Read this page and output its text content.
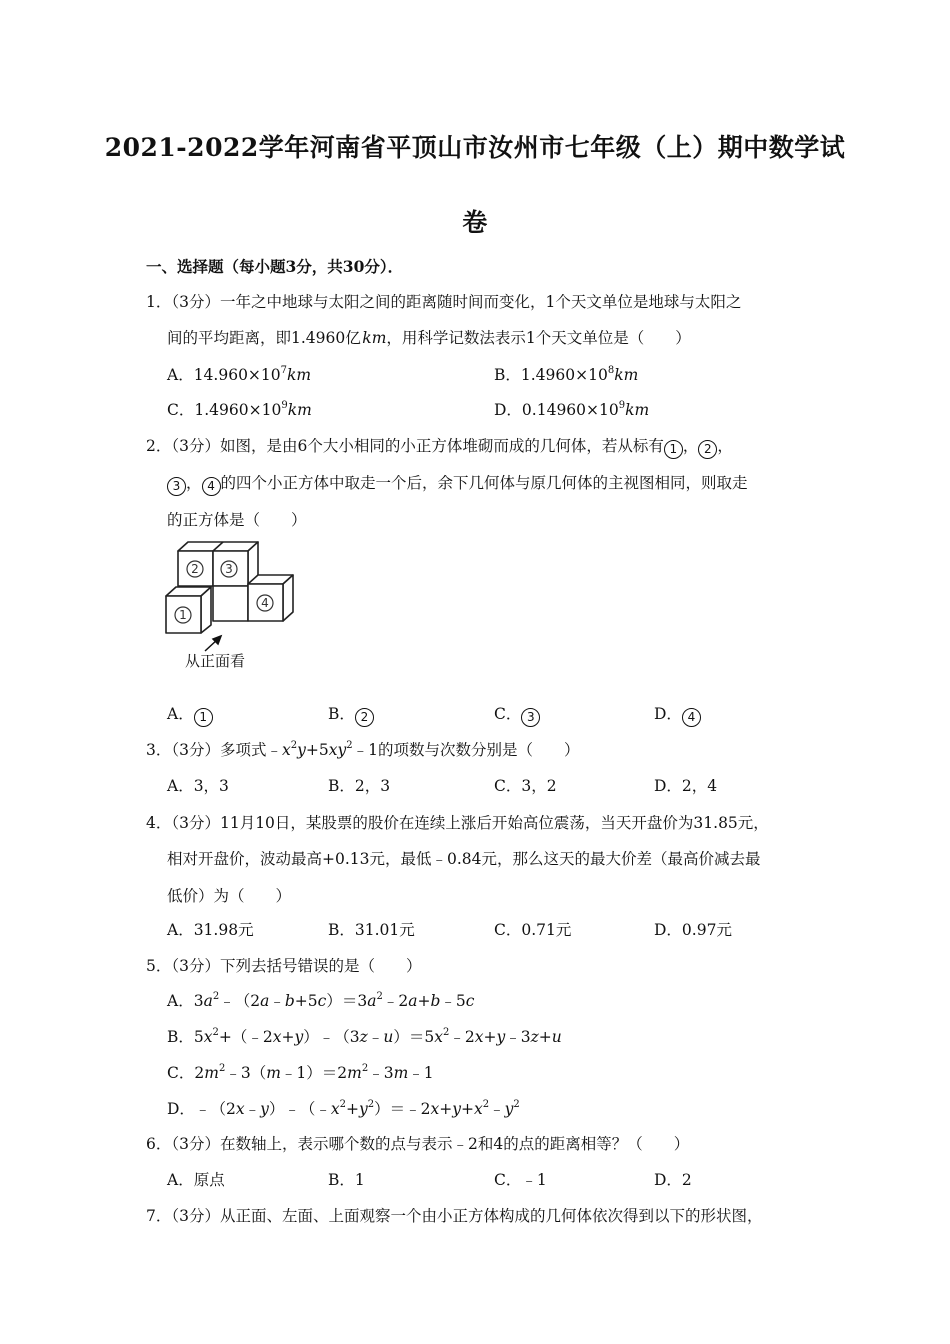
2021-2022学年河南省平顶山市汝州市七年级（上）期中数学试
卷
一、选择题（每小题3分，共30分）．
1．（3分）一年之中地球与太阳之间的距离随时间而变化，1个天文单位是地球与太阳之
间的平均距离，即1.4960亿 km，用科学记数法表示1个天文单位是（　　）
A．$14.960\times 10^7km$	B．$1.4960\times 10^8km$
C．$1.4960\times 10^9km$	D．$0.14960\times 10^9km$
2．（3分）如图，是由6个大小相同的小正方体堆砌而成的几何体，若从标有 1 ， 2 ，
3 ， 4 的四个小正方体中取走一个后，余下几何体与原几何体的主视图相同，则取走
的正方体是（　　）
2 3
1
4
从正面看
A． 1	B． 2	C． 3	D． 4
3．（3分）多项式$﹣x^2y+5xy^2﹣1$的项数与次数分别是（　　）
A．3，3	B．2，3	C．3，2	D．2，4
4．（3分）11月10日，某股票的股价在连续上涨后开始高位震荡，当天开盘价为31.85元，
相对开盘价，波动最高+0.13元，最低﹣0.84元，那么这天的最大价差（最高价减去最
低价）为（　　）
A．31.98元	B．31.01元	C．0.71元	D．0.97元
5．（3分）下列去括号错误的是（　　）
A．$3a^2﹣(2a﹣b+5c)=3a^2﹣2a+b﹣5c$
B．$5x^2+(﹣2x+y)﹣(3z﹣u)=5x^2﹣2x+y﹣3z+u$
C．$2m^2﹣3(m﹣1)=2m^2﹣3m﹣1$
D．$﹣(2x﹣y)﹣(﹣x^2+y^2)=﹣2x+y+x^2﹣y^2$
6．（3分）在数轴上，表示哪个数的点与表示﹣2和4的点的距离相等？（　　）
A．原点	B．1	C．﹣1	D．2
7．（3分）从正面、左面、上面观察一个由小正方体构成的几何体依次得到以下的形状图，
